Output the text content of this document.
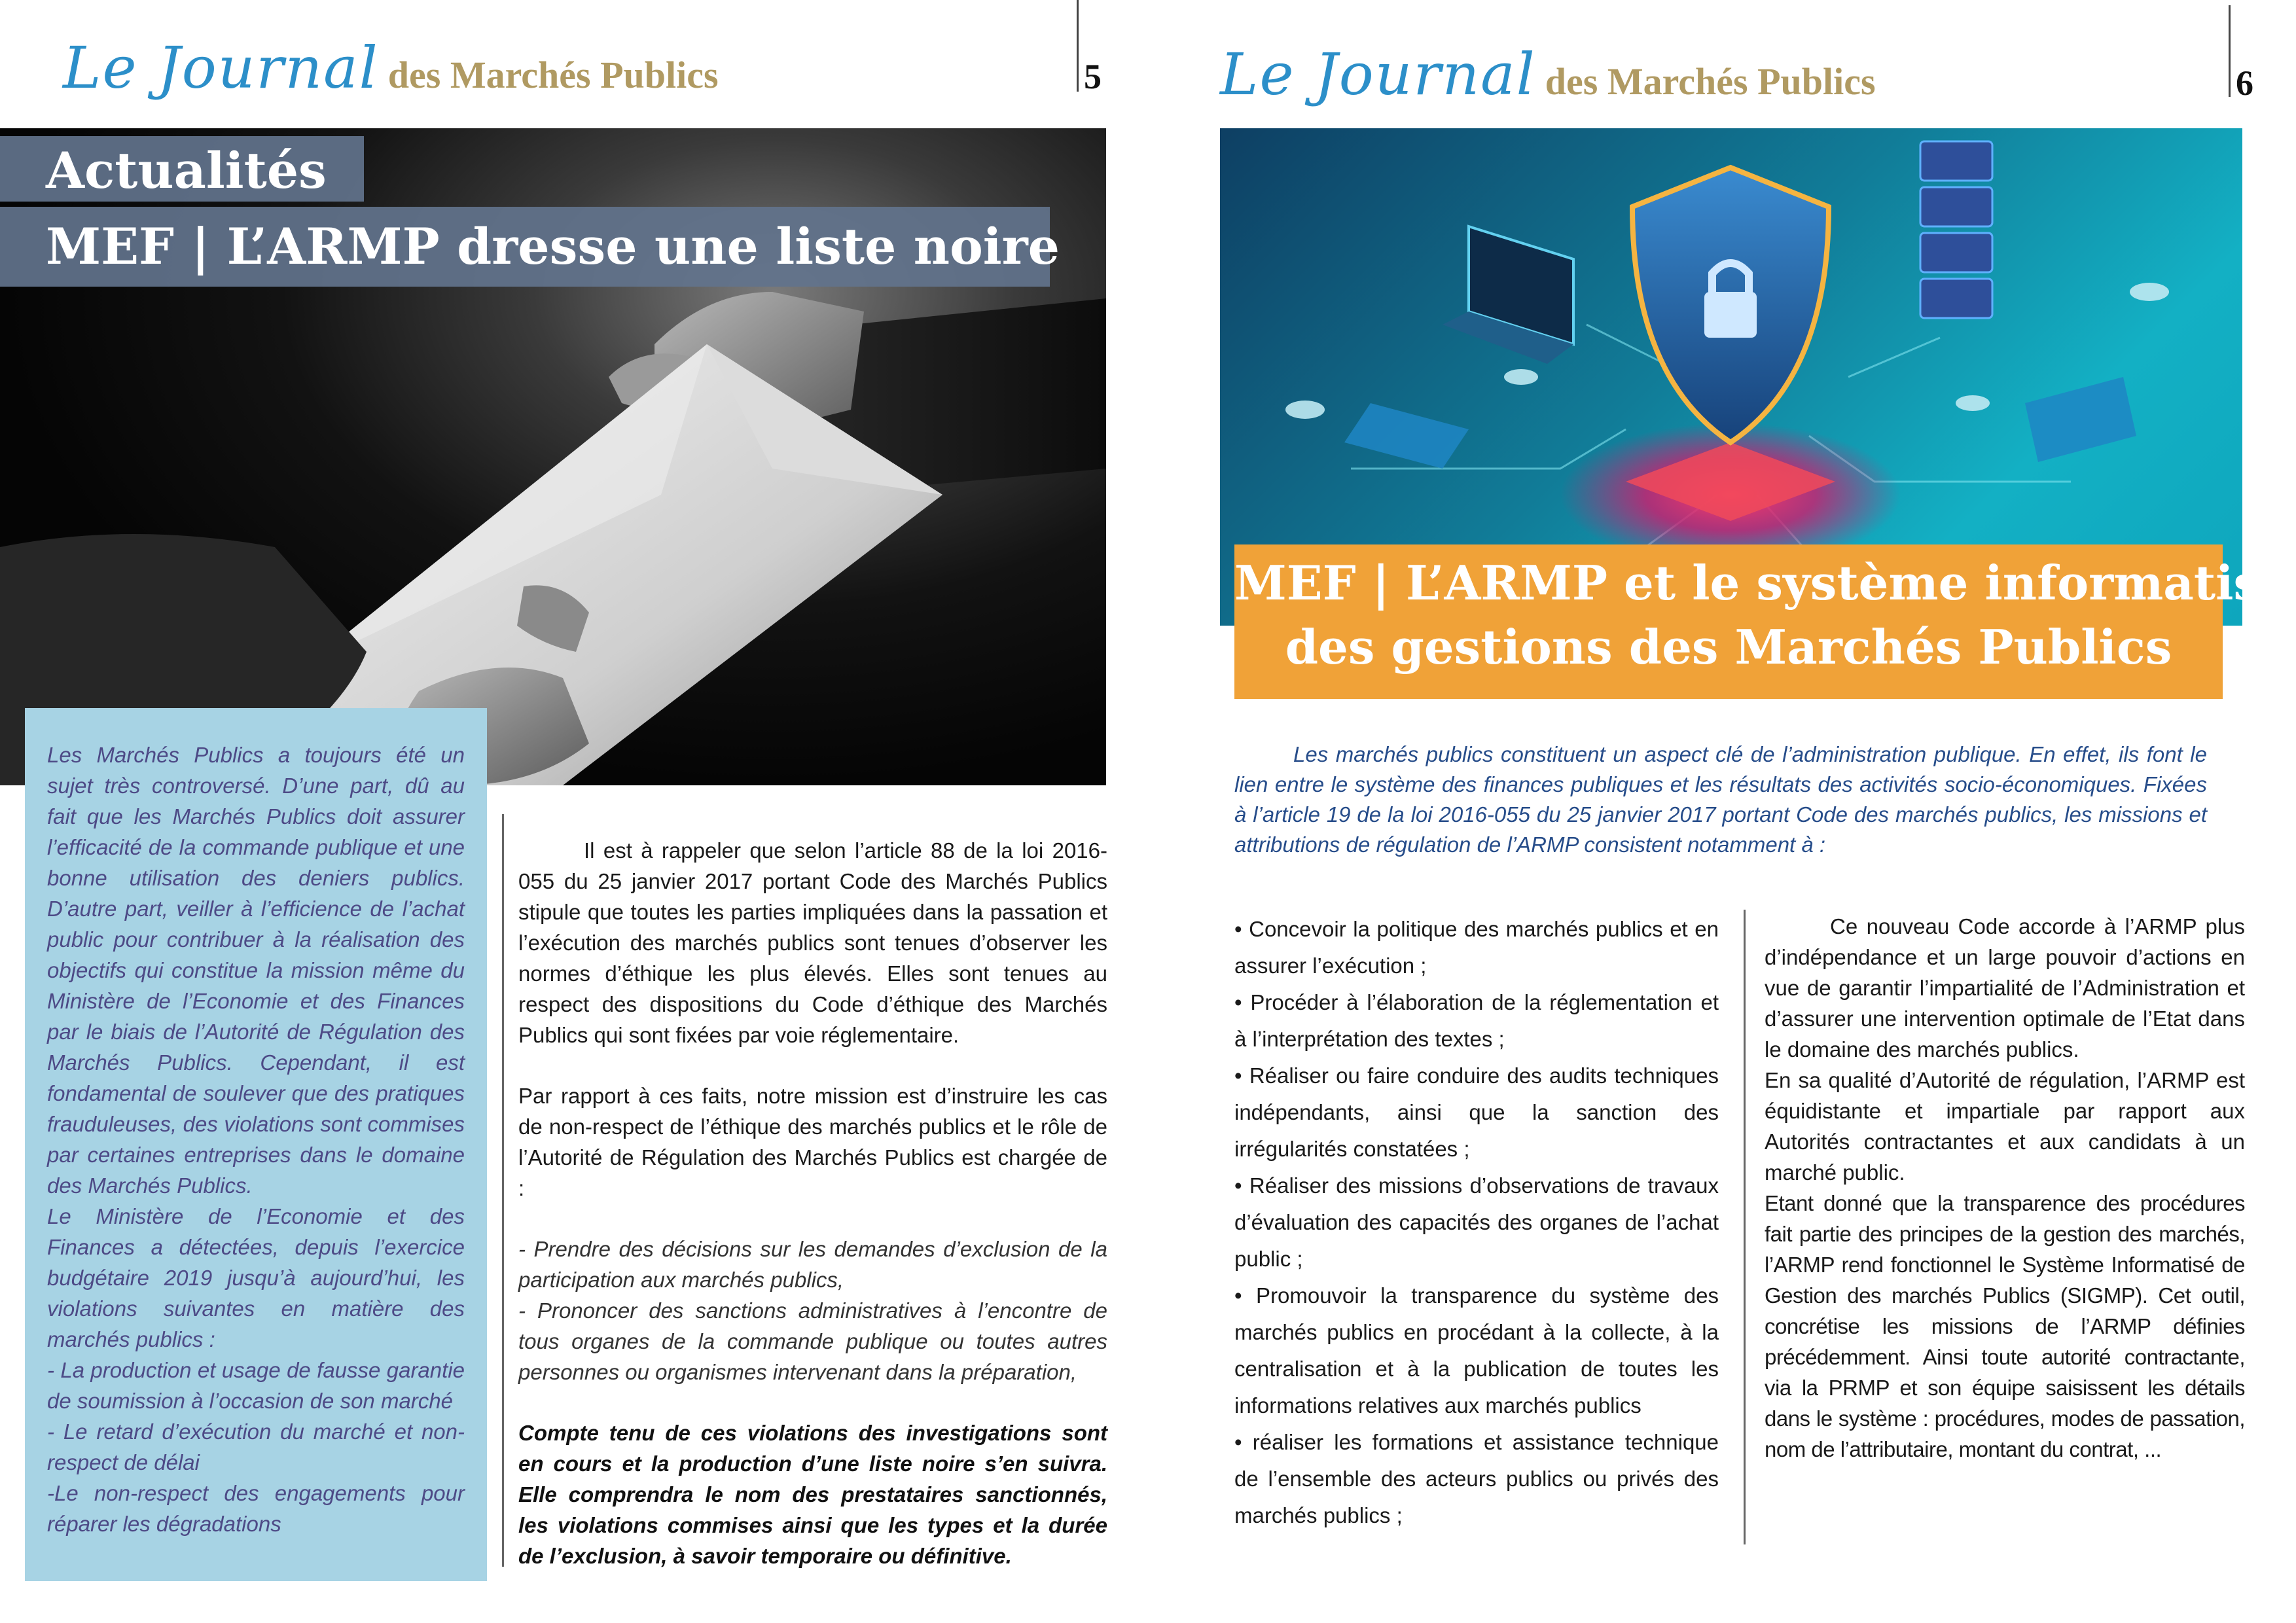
Le Journal des Marchés Publics	5
Actualités
MEF | L’ARMP dresse une liste noire

Les Marchés Publics a toujours été un sujet très controversé. D’une part, dû au fait que les Marchés Publics doit assurer l’efficacité de la commande publique et une bonne utilisation des deniers publics. D’autre part, veiller à l’efficience de l’achat public pour contribuer à la réalisation des objectifs qui constitue la mission même du Ministère de l’Economie et des Finances par le biais de l’Autorité de Régulation des Marchés Publics. Cependant, il est fondamental de soulever que des pratiques frauduleuses, des violations sont commises par certaines entreprises dans le domaine des Marchés Publics.

Le Ministère de l’Economie et des Finances a détectées, depuis l’exercice budgétaire 2019 jusqu’à aujourd’hui, les violations suivantes en matière des marchés publics :

- La production et usage de fausse garantie de soumission à l’occasion de son marché

- Le retard d’exécution du marché et non-respect de délai

-Le non-respect des engagements pour réparer les dégradations

Il est à rappeler que selon l’article 88 de la loi 2016-055 du 25 janvier 2017 portant Code des Marchés Publics stipule que toutes les parties impliquées dans la passation et l’exécution des marchés publics sont tenues d’observer les normes d’éthique les plus élevés. Elles sont tenues au respect des dispositions du Code d’éthique des Marchés Publics qui sont fixées par voie réglementaire.

Par rapport à ces faits, notre mission est d’instruire les cas de non-respect de l’éthique des marchés publics et le rôle de l’Autorité de Régulation des Marchés Publics est chargée de :

- Prendre des décisions sur les demandes d’exclusion de la participation aux marchés publics,

- Prononcer des sanctions administratives à l’encontre de tous organes de la commande publique ou toutes autres personnes ou organismes intervenant dans la préparation,

Compte tenu de ces violations des investigations sont en cours et la production d’une liste noire s’en suivra. Elle comprendra le nom des prestataires sanctionnés, les violations commises ainsi que les types et la durée de l’exclusion, à savoir temporaire ou définitive.

Le Journal des Marchés Publics	6
MEF | L’ARMP et le système informatisé
des gestions des Marchés Publics

Les marchés publics constituent un aspect clé de l’administration publique. En effet, ils font le lien entre le système des finances publiques et les résultats des activités socio-économiques. Fixées à l’article 19 de la loi 2016-055 du 25 janvier 2017 portant Code des marchés publics, les missions et attributions de régulation de l’ARMP consistent notamment à :

• Concevoir la politique des marchés publics et en assurer l’exécution ;

• Procéder à l’élaboration de la réglementation et à l’interprétation des textes ;

• Réaliser ou faire conduire des audits techniques indépendants, ainsi que la sanction des irrégularités constatées ;

• Réaliser des missions d’observations de travaux d’évaluation des capacités des organes de l’achat public ;

• Promouvoir la transparence du système des marchés publics en procédant à la collecte, à la centralisation et à la publication de toutes les informations relatives aux marchés publics

• réaliser les formations et assistance technique de l’ensemble des acteurs publics ou privés des marchés publics ;

Ce nouveau Code accorde à l’ARMP plus d’indépendance et un large pouvoir d’actions en vue de garantir l’impartialité de l’Administration et d’assurer une intervention optimale de l’Etat dans le domaine des marchés publics.

En sa qualité d’Autorité de régulation, l’ARMP est équidistante et impartiale par rapport aux Autorités contractantes et aux candidats à un marché public.

Etant donné que la transparence des procédures fait partie des principes de la gestion des marchés, l’ARMP rend fonctionnel le Système Informatisé de Gestion des marchés Publics (SIGMP). Cet outil, concrétise les missions de l’ARMP définies précédemment. Ainsi toute autorité contractante, via la PRMP et son équipe saisissent les détails dans le système : procédures, modes de passation, nom de l’attributaire, montant du contrat, ...
